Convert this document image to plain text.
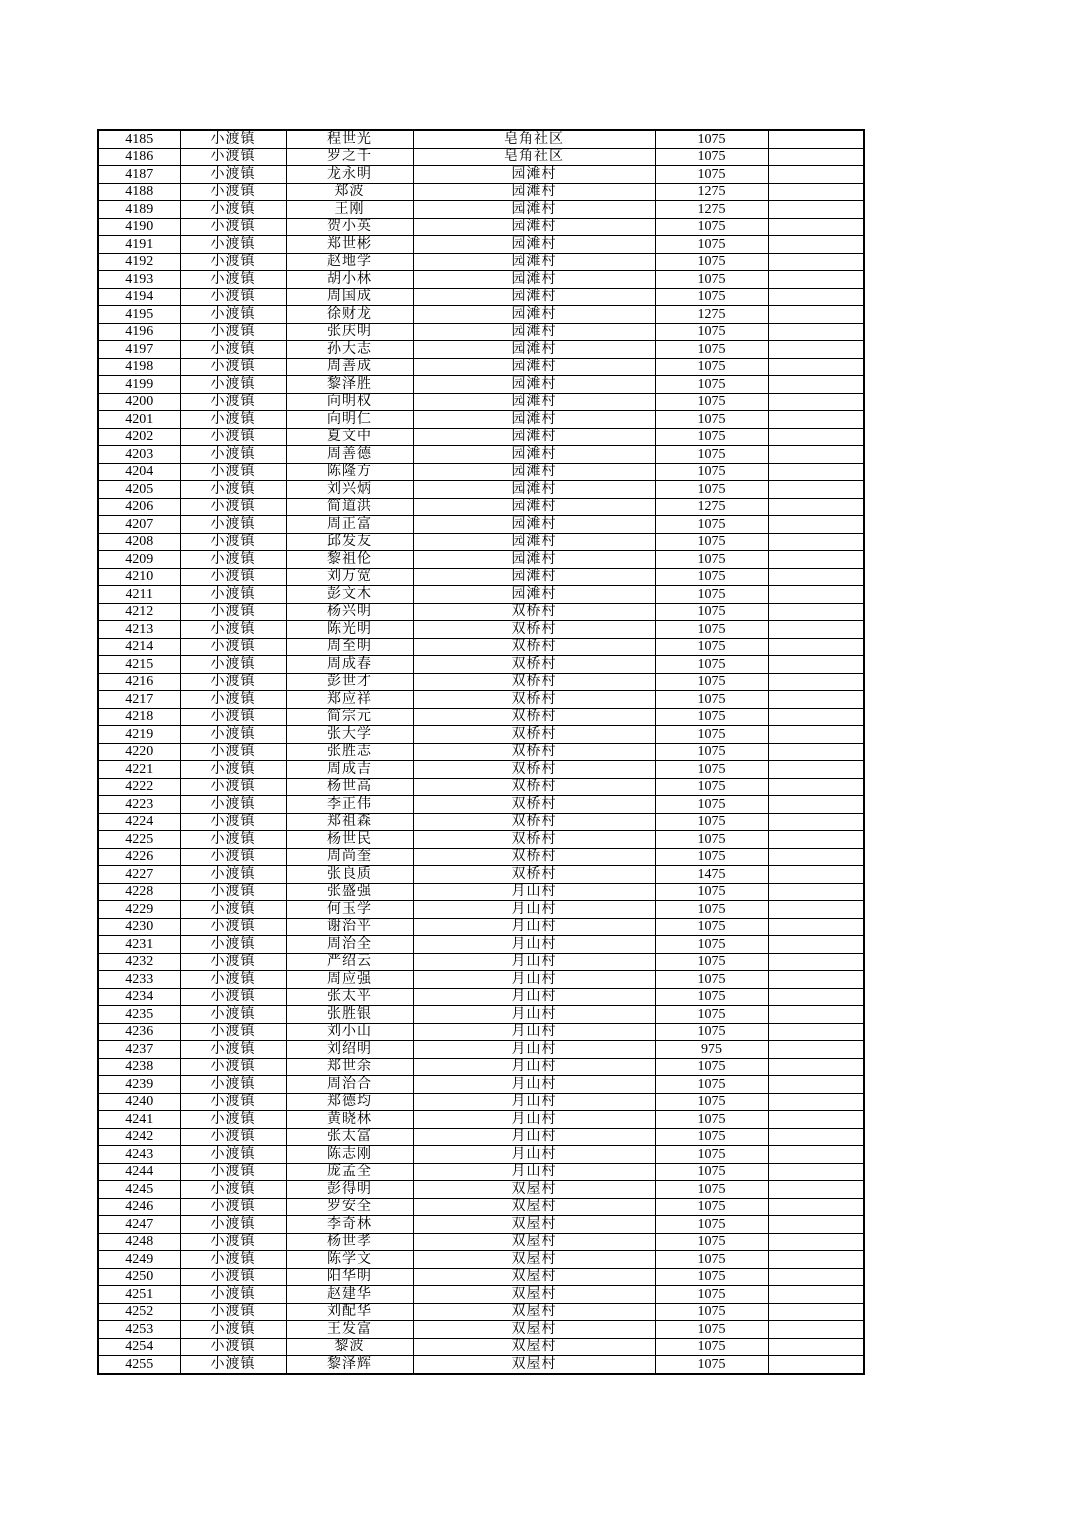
4185	小渡镇	程世光	皂角社区	1075	
4186	小渡镇	罗之千	皂角社区	1075	
4187	小渡镇	龙永明	园滩村	1075	
4188	小渡镇	郑波	园滩村	1275	
4189	小渡镇	王刚	园滩村	1275	
4190	小渡镇	贺小英	园滩村	1075	
4191	小渡镇	郑世彬	园滩村	1075	
4192	小渡镇	赵地学	园滩村	1075	
4193	小渡镇	胡小林	园滩村	1075	
4194	小渡镇	周国成	园滩村	1075	
4195	小渡镇	徐财龙	园滩村	1275	
4196	小渡镇	张庆明	园滩村	1075	
4197	小渡镇	孙大志	园滩村	1075	
4198	小渡镇	周善成	园滩村	1075	
4199	小渡镇	黎泽胜	园滩村	1075	
4200	小渡镇	向明权	园滩村	1075	
4201	小渡镇	向明仁	园滩村	1075	
4202	小渡镇	夏文中	园滩村	1075	
4203	小渡镇	周善德	园滩村	1075	
4204	小渡镇	陈隆方	园滩村	1075	
4205	小渡镇	刘兴炳	园滩村	1075	
4206	小渡镇	简道洪	园滩村	1275	
4207	小渡镇	周正富	园滩村	1075	
4208	小渡镇	邱发友	园滩村	1075	
4209	小渡镇	黎祖伦	园滩村	1075	
4210	小渡镇	刘万宽	园滩村	1075	
4211	小渡镇	彭文木	园滩村	1075	
4212	小渡镇	杨兴明	双桥村	1075	
4213	小渡镇	陈光明	双桥村	1075	
4214	小渡镇	周至明	双桥村	1075	
4215	小渡镇	周成春	双桥村	1075	
4216	小渡镇	彭世才	双桥村	1075	
4217	小渡镇	郑应祥	双桥村	1075	
4218	小渡镇	简宗元	双桥村	1075	
4219	小渡镇	张大学	双桥村	1075	
4220	小渡镇	张胜志	双桥村	1075	
4221	小渡镇	周成吉	双桥村	1075	
4222	小渡镇	杨世高	双桥村	1075	
4223	小渡镇	李正伟	双桥村	1075	
4224	小渡镇	郑祖森	双桥村	1075	
4225	小渡镇	杨世民	双桥村	1075	
4226	小渡镇	周尚奎	双桥村	1075	
4227	小渡镇	张良质	双桥村	1475	
4228	小渡镇	张盛强	月山村	1075	
4229	小渡镇	何玉学	月山村	1075	
4230	小渡镇	谢治平	月山村	1075	
4231	小渡镇	周治全	月山村	1075	
4232	小渡镇	严绍云	月山村	1075	
4233	小渡镇	周应强	月山村	1075	
4234	小渡镇	张太平	月山村	1075	
4235	小渡镇	张胜银	月山村	1075	
4236	小渡镇	刘小山	月山村	1075	
4237	小渡镇	刘绍明	月山村	975	
4238	小渡镇	郑世余	月山村	1075	
4239	小渡镇	周治合	月山村	1075	
4240	小渡镇	郑德均	月山村	1075	
4241	小渡镇	黄晓林	月山村	1075	
4242	小渡镇	张太富	月山村	1075	
4243	小渡镇	陈志刚	月山村	1075	
4244	小渡镇	庞孟全	月山村	1075	
4245	小渡镇	彭得明	双屋村	1075	
4246	小渡镇	罗安全	双屋村	1075	
4247	小渡镇	李奇林	双屋村	1075	
4248	小渡镇	杨世孝	双屋村	1075	
4249	小渡镇	陈学文	双屋村	1075	
4250	小渡镇	阳华明	双屋村	1075	
4251	小渡镇	赵建华	双屋村	1075	
4252	小渡镇	刘配华	双屋村	1075	
4253	小渡镇	王发富	双屋村	1075	
4254	小渡镇	黎波	双屋村	1075	
4255	小渡镇	黎泽辉	双屋村	1075	
